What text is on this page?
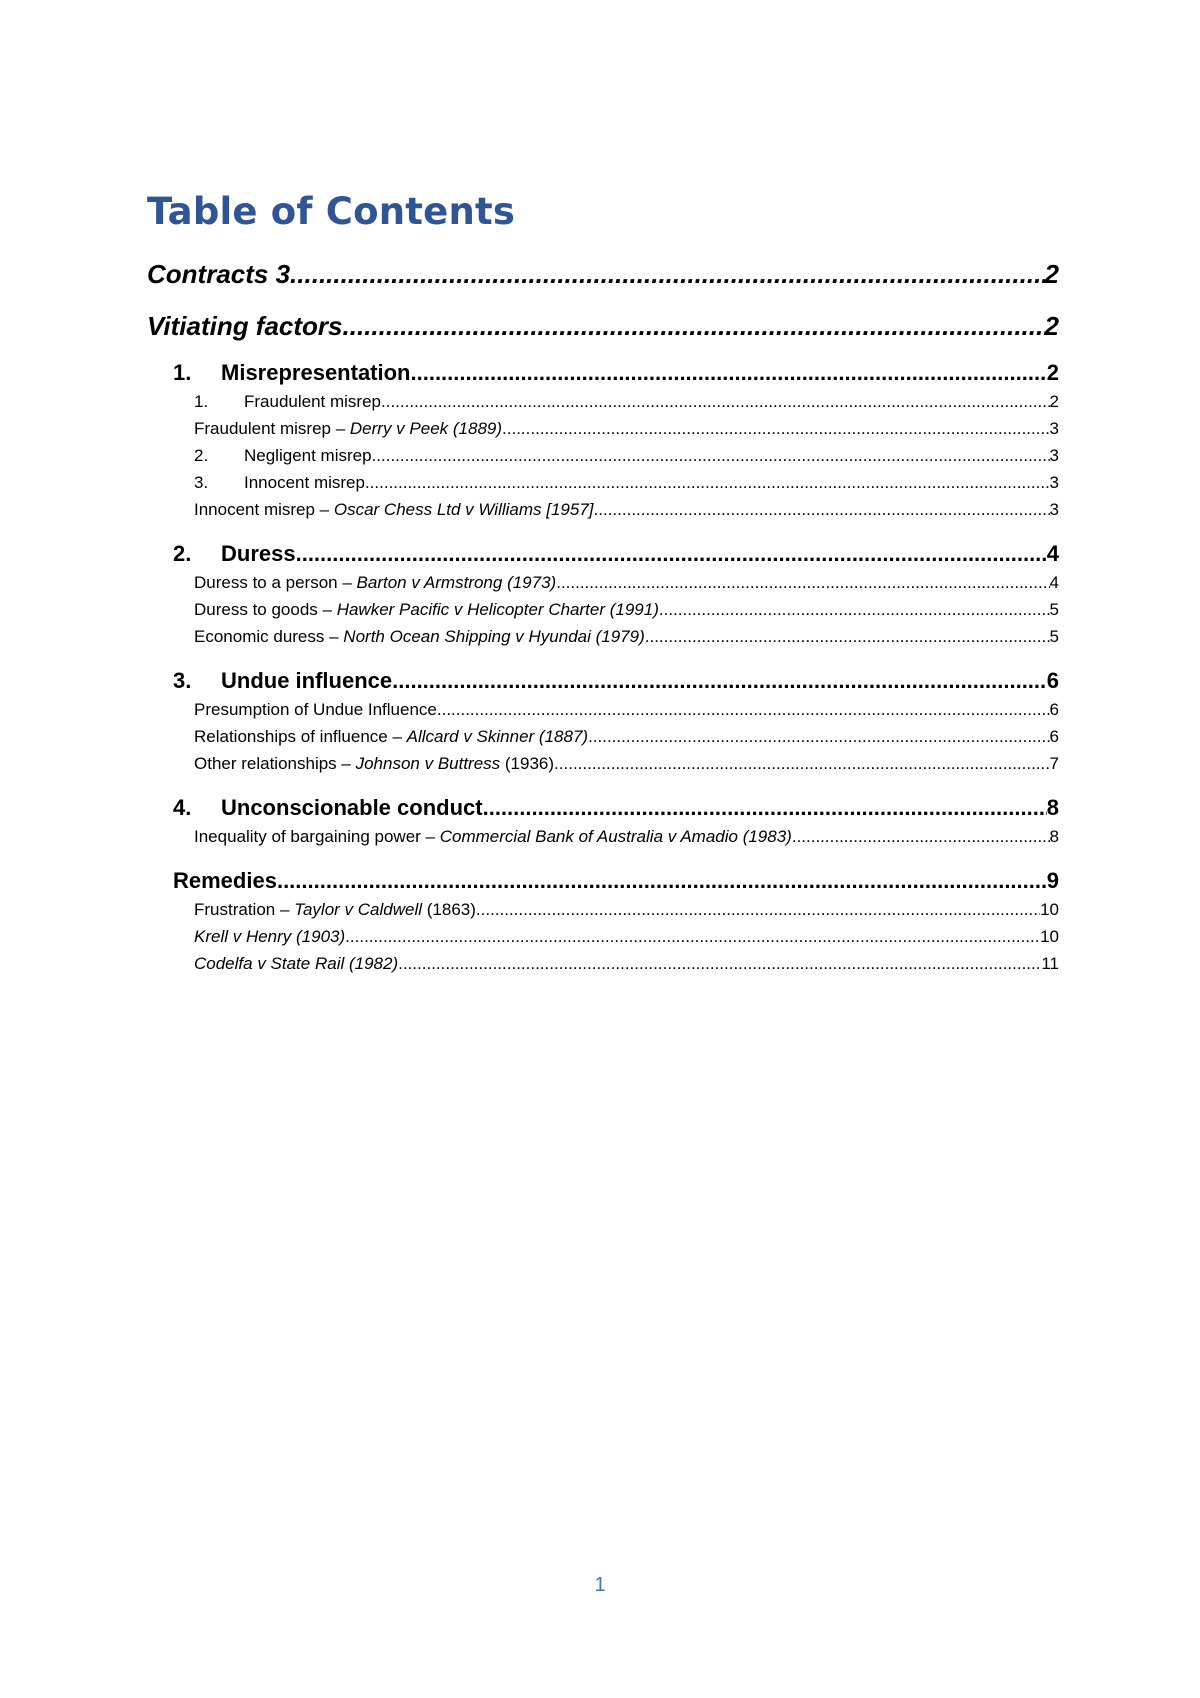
Table of Contents
Contracts 3 .....	2
Vitiating factors .....	2
1. Misrepresentation .....	2
1. Fraudulent misrep .....	2
Fraudulent misrep – Derry v Peek (1889) .....	3
2. Negligent misrep .....	3
3. Innocent misrep .....	3
Innocent misrep – Oscar Chess Ltd v Williams [1957] .....	3
2. Duress .....	4
Duress to a person – Barton v Armstrong (1973) .....	4
Duress to goods – Hawker Pacific v Helicopter Charter (1991) .....	5
Economic duress – North Ocean Shipping v Hyundai (1979) .....	5
3. Undue influence .....	6
Presumption of Undue Influence .....	6
Relationships of influence – Allcard v Skinner (1887) .....	6
Other relationships – Johnson v Buttress (1936) .....	7
4. Unconscionable conduct .....	8
Inequality of bargaining power – Commercial Bank of Australia v Amadio (1983) .....	8
Remedies .....	9
Frustration – Taylor v Caldwell (1863) .....	10
Krell v Henry (1903) .....	10
Codelfa v State Rail (1982) .....	11
1
